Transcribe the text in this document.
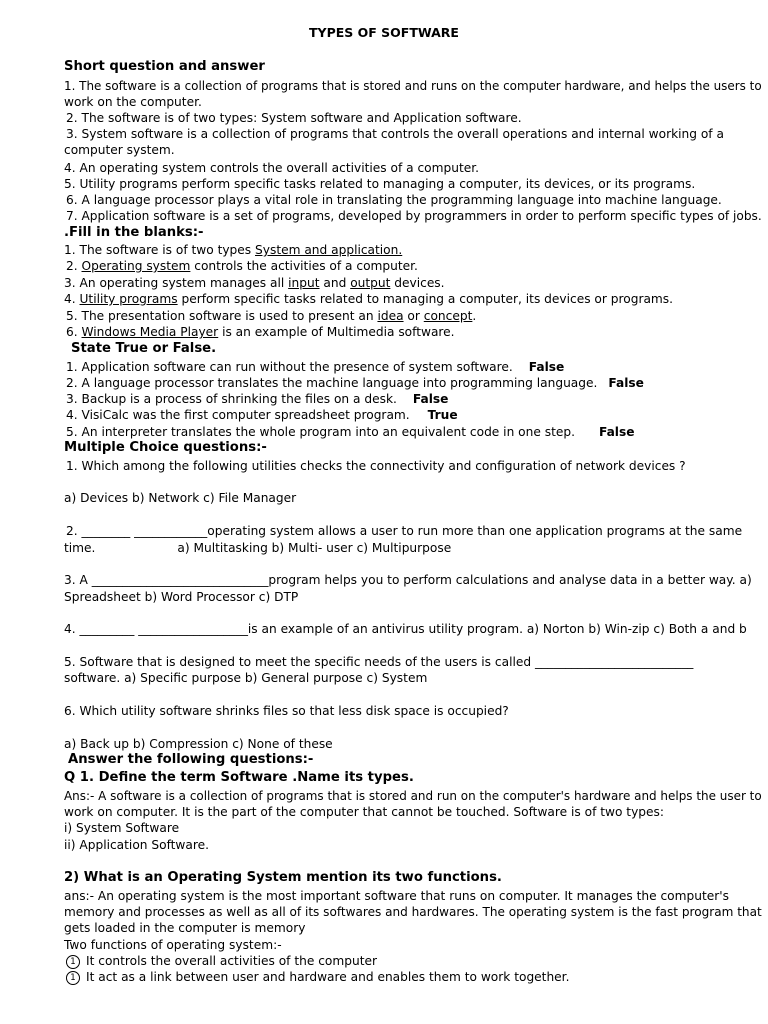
TYPES OF SOFTWARE
Short question and answer
1. The software is a collection of programs that is stored and runs on the computer hardware, and helps the users to
work on the computer.
2. The software is of two types: System software and Application software.
3. System software is a collection of programs that controls the overall operations and internal working of a
computer system.
4. An operating system controls the overall activities of a computer.
5. Utility programs perform specific tasks related to managing a computer, its devices, or its programs.
6. A language processor plays a vital role in translating the programming language into machine language.
7. Application software is a set of programs, developed by programmers in order to perform specific types of jobs.
.Fill in the blanks:-
1. The software is of two types System and application.
2. Operating system controls the activities of a computer.
3. An operating system manages all input and output devices.
4. Utility programs perform specific tasks related to managing a computer, its devices or programs.
5. The presentation software is used to present an idea or concept.
6. Windows Media Player is an example of Multimedia software.
State True or False.
1. Application software can run without the presence of system software. False
2. A language processor translates the machine language into programming language. False
3. Backup is a process of shrinking the files on a desk. False
4. VisiCalc was the first computer spreadsheet program. True
5. An interpreter translates the whole program into an equivalent code in one step. False
Multiple Choice questions:-
1. Which among the following utilities checks the connectivity and configuration of network devices ?
a) Devices b) Network c) File Manager
2. ________ ____________operating system allows a user to run more than one application programs at the same
time.	a) Multitasking b) Multi- user c) Multipurpose
3. A _____________________________program helps you to perform calculations and analyse data in a better way. a)
Spreadsheet b) Word Processor c) DTP
4. _________ __________________is an example of an antivirus utility program. a) Norton b) Win-zip c) Both a and b
5. Software that is designed to meet the specific needs of the users is called __________________________
software. a) Specific purpose b) General purpose c) System
6. Which utility software shrinks files so that less disk space is occupied?
a) Back up b) Compression c) None of these
Answer the following questions:-
Q 1. Define the term Software .Name its types.
Ans:- A software is a collection of programs that is stored and run on the computer's hardware and helps the user to
work on computer. It is the part of the computer that cannot be touched. Software is of two types:
i) System Software
ii) Application Software.
2) What is an Operating System mention its two functions.
ans:- An operating system is the most important software that runs on computer. It manages the computer's
memory and processes as well as all of its softwares and hardwares. The operating system is the fast program that
gets loaded in the computer is memory
Two functions of operating system:-
1 It controls the overall activities of the computer
1 It act as a link between user and hardware and enables them to work together.
